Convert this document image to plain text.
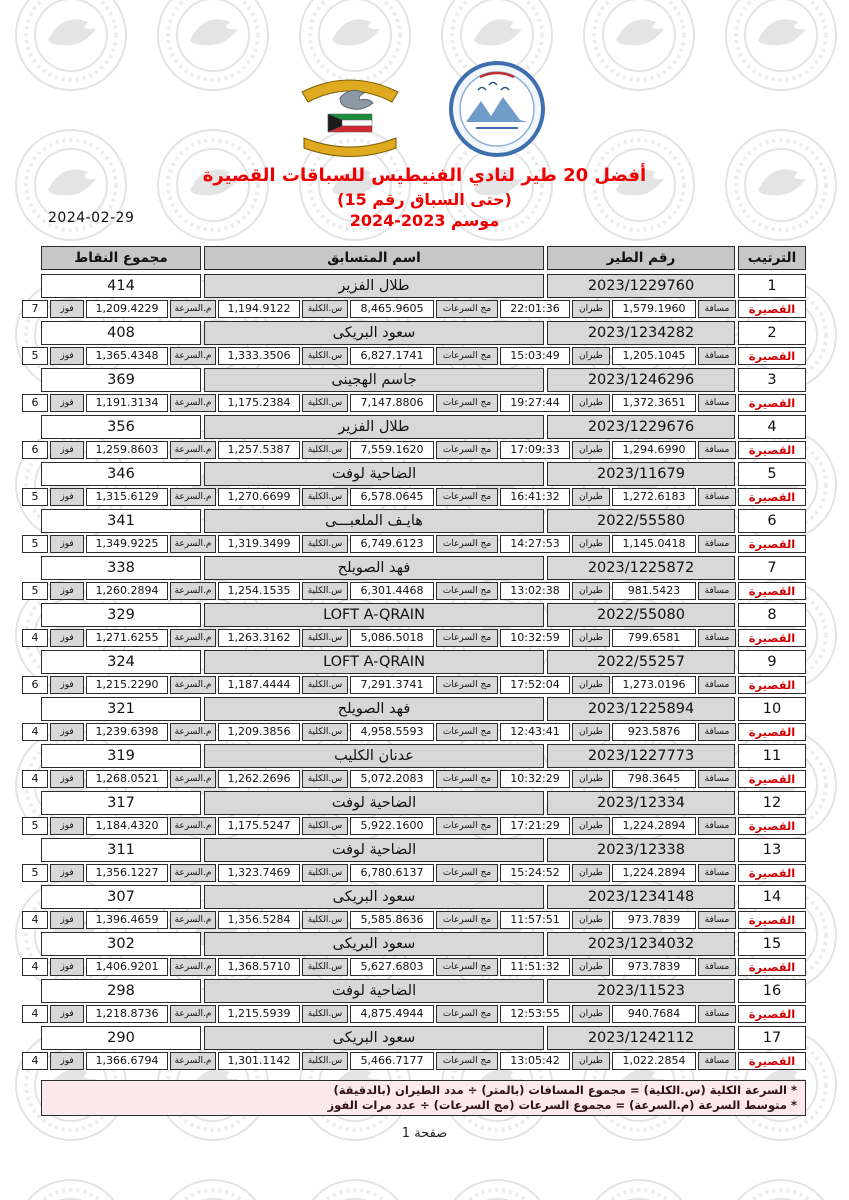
2024-02-29
أفضل 20 طير لنادي الفنيطيس للسباقات القصيرة
(حتى السباق رقم 15)
موسم 2023-2024
الترتيب
رقم الطير
اسم المتسابق
مجموع النقاط
1
2023/1229760
طلال الفزير
414
القصيرة
مسافة
1,579.1960
طيران
22:01:36
مج السرعات
8,465.9605
س.الكلية
1,194.9122
م.السرعة
1,209.4229
فوز
7
2
2023/1234282
سعود البريكى
408
القصيرة
مسافة
1,205.1045
طيران
15:03:49
مج السرعات
6,827.1741
س.الكلية
1,333.3506
م.السرعة
1,365.4348
فوز
5
3
2023/1246296
جاسم الهجينى
369
القصيرة
مسافة
1,372.3651
طيران
19:27:44
مج السرعات
7,147.8806
س.الكلية
1,175.2384
م.السرعة
1,191.3134
فوز
6
4
2023/1229676
طلال الفزير
356
القصيرة
مسافة
1,294.6990
طيران
17:09:33
مج السرعات
7,559.1620
س.الكلية
1,257.5387
م.السرعة
1,259.8603
فوز
6
5
2023/11679
الضاحية لوفت
346
القصيرة
مسافة
1,272.6183
طيران
16:41:32
مج السرعات
6,578.0645
س.الكلية
1,270.6699
م.السرعة
1,315.6129
فوز
5
6
2022/55580
هايـف الملعبـــى
341
القصيرة
مسافة
1,145.0418
طيران
14:27:53
مج السرعات
6,749.6123
س.الكلية
1,319.3499
م.السرعة
1,349.9225
فوز
5
7
2023/1225872
فهد الصويلح
338
القصيرة
مسافة
981.5423
طيران
13:02:38
مج السرعات
6,301.4468
س.الكلية
1,254.1535
م.السرعة
1,260.2894
فوز
5
8
2022/55080
LOFT A-QRAIN
329
القصيرة
مسافة
799.6581
طيران
10:32:59
مج السرعات
5,086.5018
س.الكلية
1,263.3162
م.السرعة
1,271.6255
فوز
4
9
2022/55257
LOFT A-QRAIN
324
القصيرة
مسافة
1,273.0196
طيران
17:52:04
مج السرعات
7,291.3741
س.الكلية
1,187.4444
م.السرعة
1,215.2290
فوز
6
10
2023/1225894
فهد الصويلح
321
القصيرة
مسافة
923.5876
طيران
12:43:41
مج السرعات
4,958.5593
س.الكلية
1,209.3856
م.السرعة
1,239.6398
فوز
4
11
2023/1227773
عدنان الكليب
319
القصيرة
مسافة
798.3645
طيران
10:32:29
مج السرعات
5,072.2083
س.الكلية
1,262.2696
م.السرعة
1,268.0521
فوز
4
12
2023/12334
الضاحية لوفت
317
القصيرة
مسافة
1,224.2894
طيران
17:21:29
مج السرعات
5,922.1600
س.الكلية
1,175.5247
م.السرعة
1,184.4320
فوز
5
13
2023/12338
الضاحية لوفت
311
القصيرة
مسافة
1,224.2894
طيران
15:24:52
مج السرعات
6,780.6137
س.الكلية
1,323.7469
م.السرعة
1,356.1227
فوز
5
14
2023/1234148
سعود البريكى
307
القصيرة
مسافة
973.7839
طيران
11:57:51
مج السرعات
5,585.8636
س.الكلية
1,356.5284
م.السرعة
1,396.4659
فوز
4
15
2023/1234032
سعود البريكى
302
القصيرة
مسافة
973.7839
طيران
11:51:32
مج السرعات
5,627.6803
س.الكلية
1,368.5710
م.السرعة
1,406.9201
فوز
4
16
2023/11523
الضاحية لوفت
298
القصيرة
مسافة
940.7684
طيران
12:53:55
مج السرعات
4,875.4944
س.الكلية
1,215.5939
م.السرعة
1,218.8736
فوز
4
17
2023/1242112
سعود البريكى
290
القصيرة
مسافة
1,022.2854
طيران
13:05:42
مج السرعات
5,466.7177
س.الكلية
1,301.1142
م.السرعة
1,366.6794
فوز
4
* السرعة الكلية (س.الكلية) = مجموع المسافات (بالمتر) ÷ مدد الطيران (بالدقيقة)
* متوسط السرعة (م.السرعة) = مجموع السرعات (مج السرعات) ÷ عدد مرات الفوز
صفحة 1
